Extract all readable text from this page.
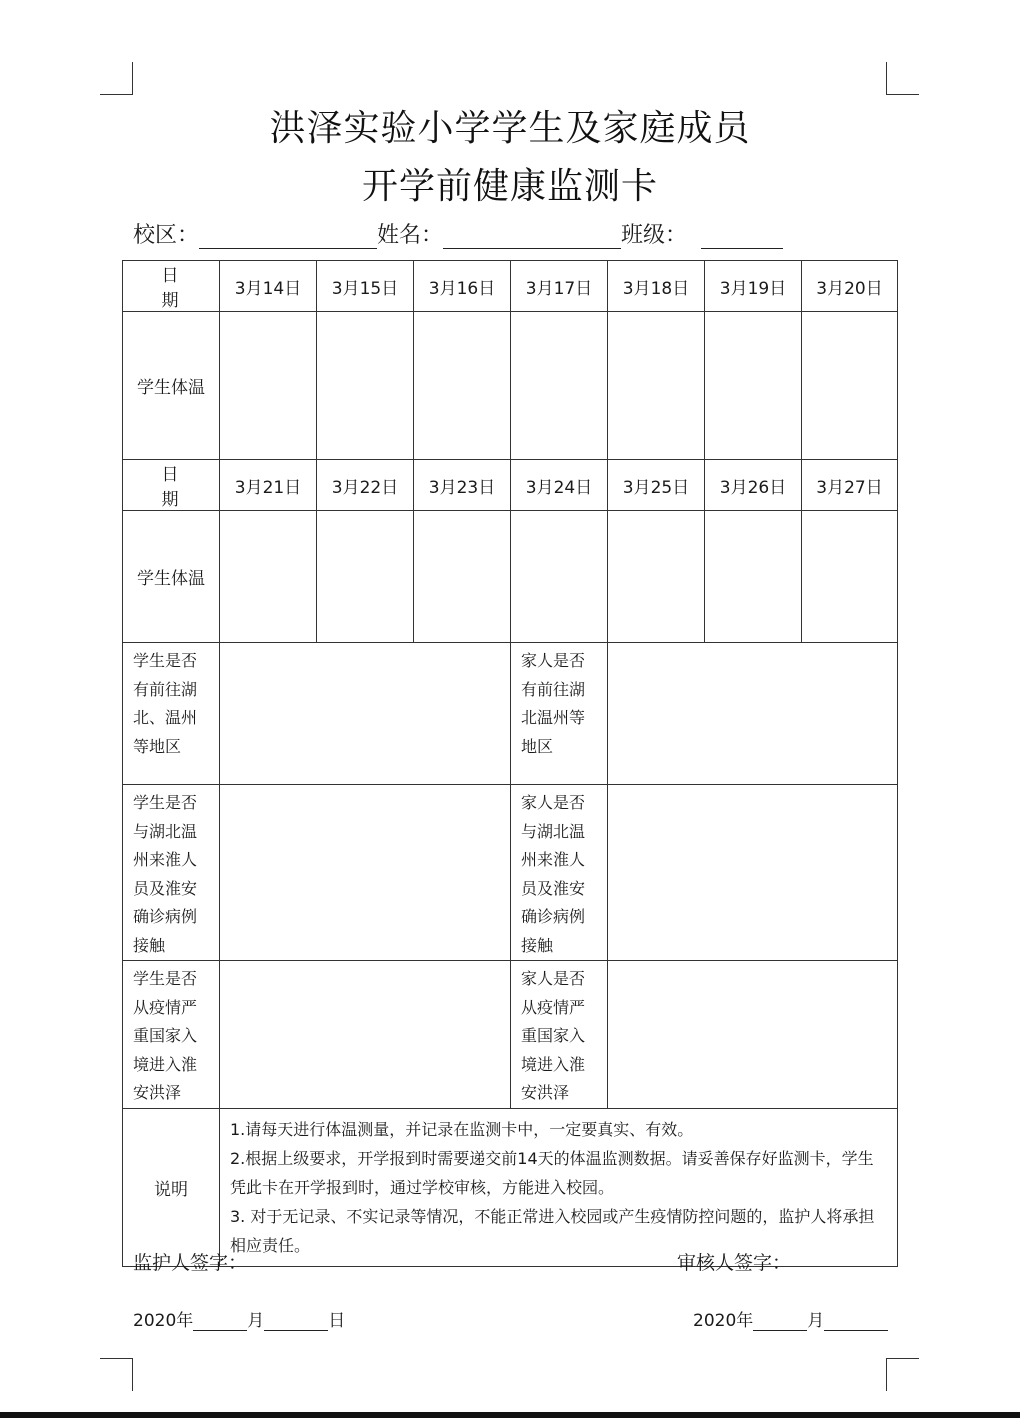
洪泽实验小学学生及家庭成员
开学前健康监测卡
校区：	姓名：	班级：
日 期	3月14日	3月15日	3月16日	3月17日	3月18日	3月19日	3月20日
学生体温							
日 期	3月21日	3月22日	3月23日	3月24日	3月25日	3月26日	3月27日
学生体温							
学生是否有前往湖北、温州等地区				家人是否有前往湖北温州等地区			
学生是否与湖北温州来淮人员及淮安确诊病例接触				家人是否与湖北温州来淮人员及淮安确诊病例接触			
学生是否从疫情严重国家入境进入淮安洪泽				家人是否从疫情严重国家入境进入淮安洪泽			
说明	1.请每天进行体温测量，并记录在监测卡中，一定要真实、有效。
2.根据上级要求，开学报到时需要递交前14天的体温监测数据。请妥善保存好监测卡，学生凭此卡在开学报到时，通过学校审核，方能进入校园。
3. 对于无记录、不实记录等情况，不能正常进入校园或产生疫情防控问题的，监护人将承担相应责任。						
监护人签字：	审核人签字：
2020年	月	日	2020年	月
